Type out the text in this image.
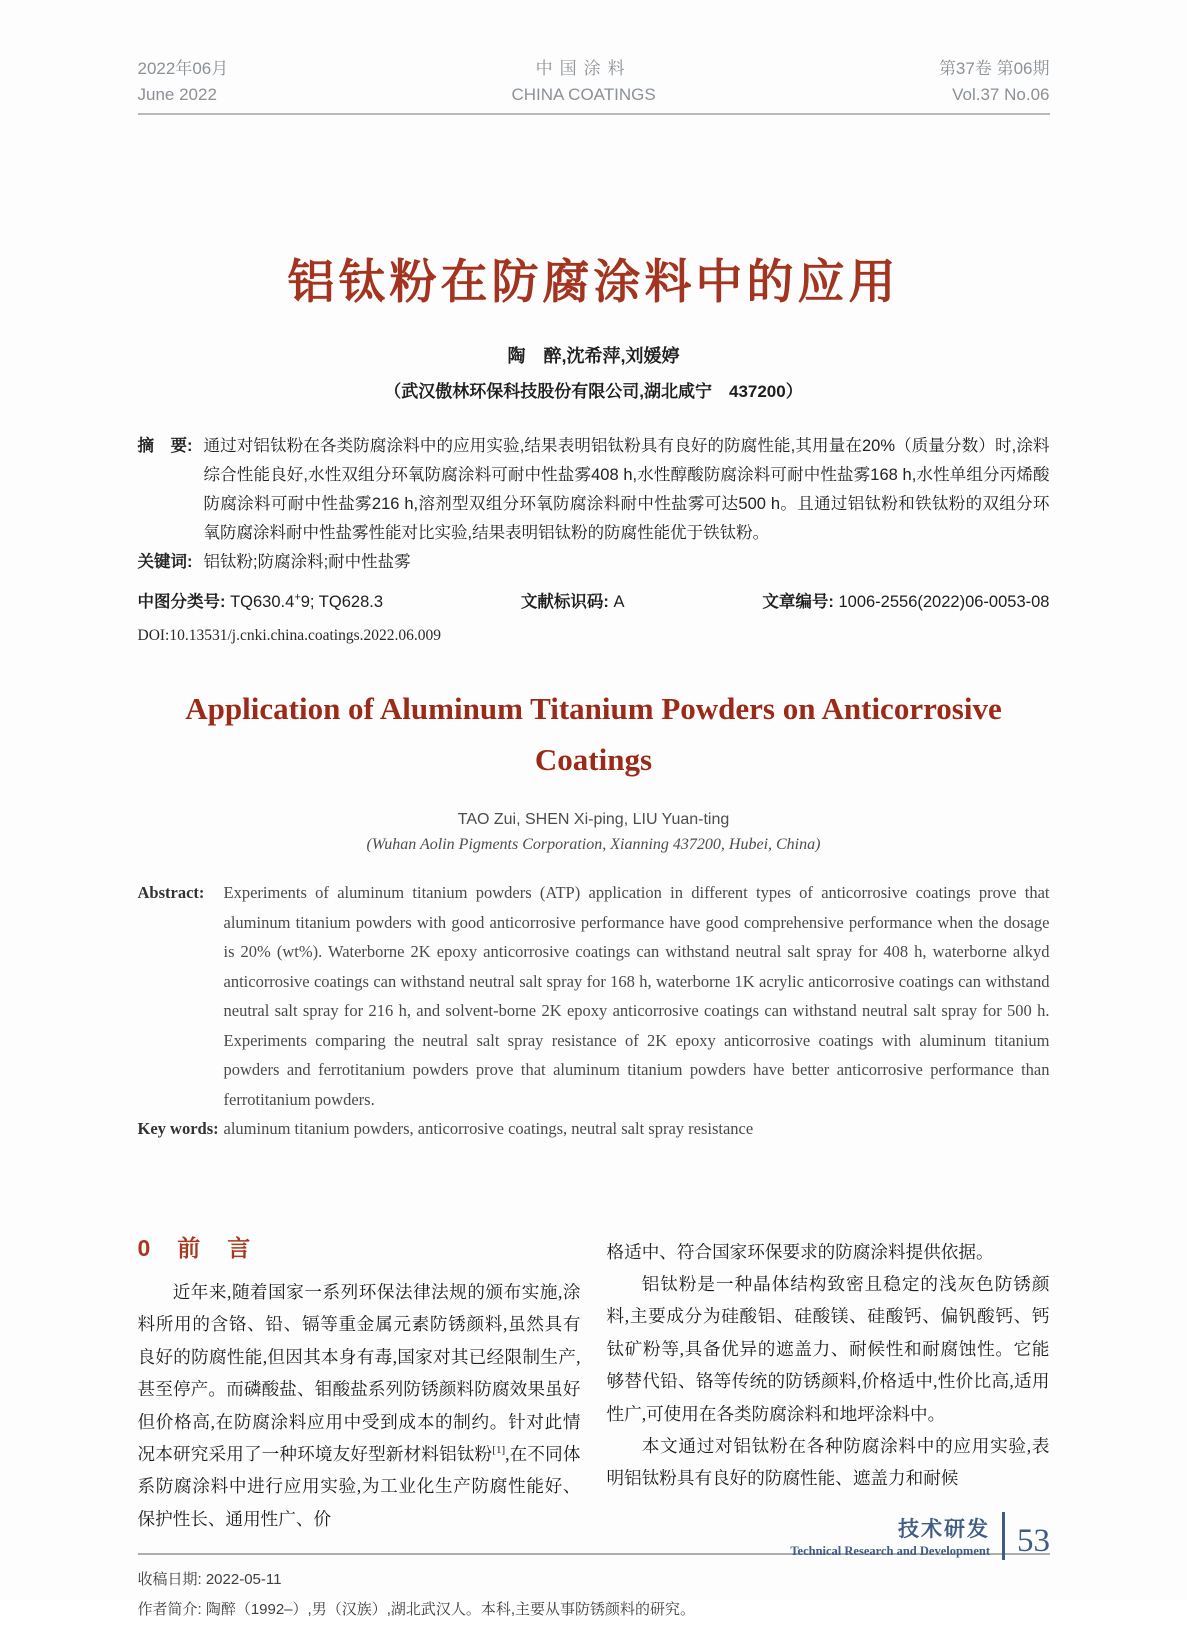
2022年06月
June 2022
中国涂料
CHINA COATINGS
第37卷 第06期
Vol.37 No.06
铝钛粉在防腐涂料中的应用
陶　醉,沈希萍,刘媛婷
（武汉傲林环保科技股份有限公司,湖北咸宁　437200）
摘　要: 通过对铝钛粉在各类防腐涂料中的应用实验,结果表明铝钛粉具有良好的防腐性能,其用量在20%（质量分数）时,涂料综合性能良好,水性双组分环氧防腐涂料可耐中性盐雾408 h,水性醇酸防腐涂料可耐中性盐雾168 h,水性单组分丙烯酸防腐涂料可耐中性盐雾216 h,溶剂型双组分环氧防腐涂料耐中性盐雾可达500 h。且通过铝钛粉和铁钛粉的双组分环氧防腐涂料耐中性盐雾性能对比实验,结果表明铝钛粉的防腐性能优于铁钛粉。
关键词: 铝钛粉;防腐涂料;耐中性盐雾
中图分类号: TQ630.4+9; TQ628.3	文献标识码: A	文章编号: 1006-2556(2022)06-0053-08
DOI:10.13531/j.cnki.china.coatings.2022.06.009
Application of Aluminum Titanium Powders on Anticorrosive
Coatings
TAO Zui, SHEN Xi-ping, LIU Yuan-ting
(Wuhan Aolin Pigments Corporation, Xianning 437200, Hubei, China)
Abstract: Experiments of aluminum titanium powders (ATP) application in different types of anticorrosive coatings prove that aluminum titanium powders with good anticorrosive performance have good comprehensive performance when the dosage is 20% (wt%). Waterborne 2K epoxy anticorrosive coatings can withstand neutral salt spray for 408 h, waterborne alkyd anticorrosive coatings can withstand neutral salt spray for 168 h, waterborne 1K acrylic anticorrosive coatings can withstand neutral salt spray for 216 h, and solvent-borne 2K epoxy anticorrosive coatings can withstand neutral salt spray for 500 h. Experiments comparing the neutral salt spray resistance of 2K epoxy anticorrosive coatings with aluminum titanium powders and ferrotitanium powders prove that aluminum titanium powders have better anticorrosive performance than ferrotitanium powders.
Key words: aluminum titanium powders, anticorrosive coatings, neutral salt spray resistance
0　前　言

近年来,随着国家一系列环保法律法规的颁布实施,涂料所用的含铬、铅、镉等重金属元素防锈颜料,虽然具有良好的防腐性能,但因其本身有毒,国家对其已经限制生产,甚至停产。而磷酸盐、钼酸盐系列防锈颜料防腐效果虽好但价格高,在防腐涂料应用中受到成本的制约。针对此情况本研究采用了一种环境友好型新材料铝钛粉[1],在不同体系防腐涂料中进行应用实验,为工业化生产防腐性能好、保护性长、通用性广、价

格适中、符合国家环保要求的防腐涂料提供依据。

铝钛粉是一种晶体结构致密且稳定的浅灰色防锈颜料,主要成分为硅酸铝、硅酸镁、硅酸钙、偏钒酸钙、钙钛矿粉等,具备优异的遮盖力、耐候性和耐腐蚀性。它能够替代铅、铬等传统的防锈颜料,价格适中,性价比高,适用性广,可使用在各类防腐涂料和地坪涂料中。

本文通过对铝钛粉在各种防腐涂料中的应用实验,表明铝钛粉具有良好的防腐性能、遮盖力和耐候

收稿日期: 2022-05-11
作者简介: 陶醉（1992–）,男（汉族）,湖北武汉人。本科,主要从事防锈颜料的研究。
技术研发
Technical Research and Development 53
